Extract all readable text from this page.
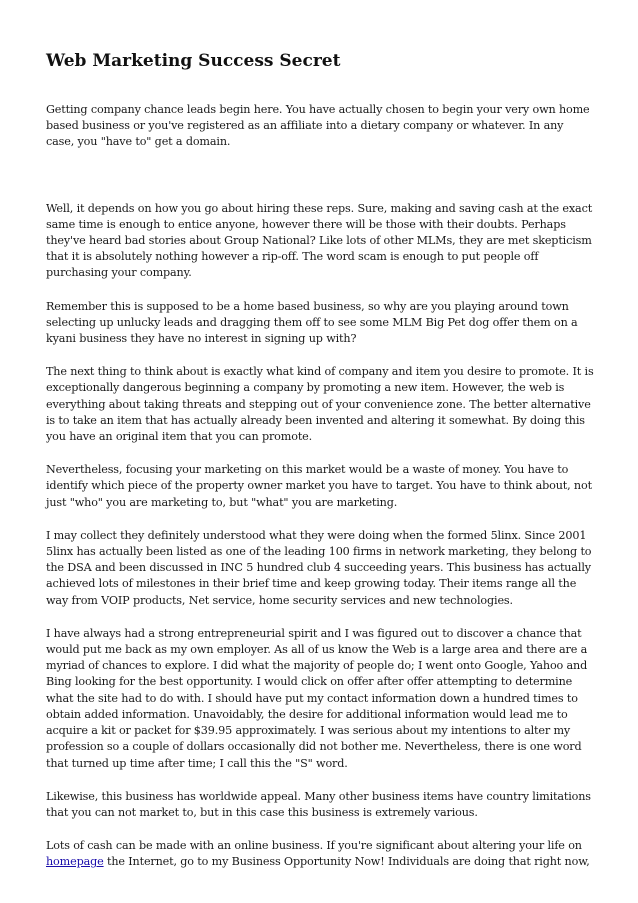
Web Marketing Success Secret

Getting company chance leads begin here. You have actually chosen to begin your very own home based business or you've registered as an affiliate into a dietary company or whatever. In any case, you "have to" get a domain.

Well, it depends on how you go about hiring these reps. Sure, making and saving cash at the exact same time is enough to entice anyone, however there will be those with their doubts. Perhaps they've heard bad stories about Group National? Like lots of other MLMs, they are met skepticism that it is absolutely nothing however a rip-off. The word scam is enough to put people off purchasing your company.

Remember this is supposed to be a home based business, so why are you playing around town selecting up unlucky leads and dragging them off to see some MLM Big Pet dog offer them on a kyani business they have no interest in signing up with?

The next thing to think about is exactly what kind of company and item you desire to promote. It is exceptionally dangerous beginning a company by promoting a new item. However, the web is everything about taking threats and stepping out of your convenience zone. The better alternative is to take an item that has actually already been invented and altering it somewhat. By doing this you have an original item that you can promote.

Nevertheless, focusing your marketing on this market would be a waste of money. You have to identify which piece of the property owner market you have to target. You have to think about, not just "who" you are marketing to, but "what" you are marketing.

I may collect they definitely understood what they were doing when the formed 5linx. Since 2001 5linx has actually been listed as one of the leading 100 firms in network marketing, they belong to the DSA and been discussed in INC 5 hundred club 4 succeeding years. This business has actually achieved lots of milestones in their brief time and keep growing today. Their items range all the way from VOIP products, Net service, home security services and new technologies.

I have always had a strong entrepreneurial spirit and I was figured out to discover a chance that would put me back as my own employer. As all of us know the Web is a large area and there are a myriad of chances to explore. I did what the majority of people do; I went onto Google, Yahoo and Bing looking for the best opportunity. I would click on offer after offer attempting to determine what the site had to do with. I should have put my contact information down a hundred times to obtain added information. Unavoidably, the desire for additional information would lead me to acquire a kit or packet for $39.95 approximately. I was serious about my intentions to alter my profession so a couple of dollars occasionally did not bother me. Nevertheless, there is one word that turned up time after time; I call this the "S" word.

Likewise, this business has worldwide appeal. Many other business items have country limitations that you can not market to, but in this case this business is extremely various.

Lots of cash can be made with an online business. If you're significant about altering your life on homepage the Internet, go to my Business Opportunity Now! Individuals are doing that right now,
